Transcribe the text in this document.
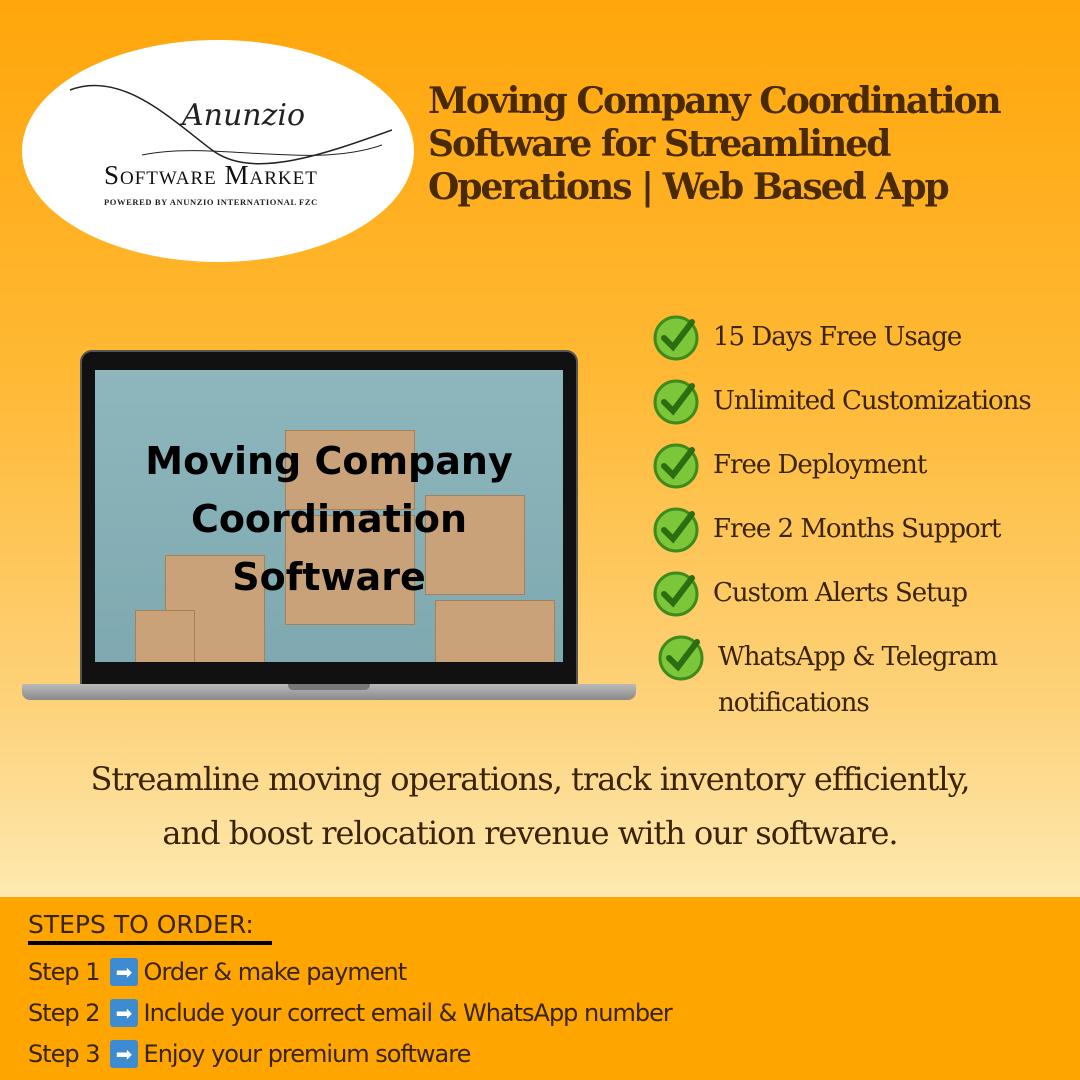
Anunzio
Software Market
POWERED BY ANUNZIO INTERNATIONAL FZC
Moving Company Coordination Software for Streamlined Operations | Web Based App
Moving Company
Coordination
Software
15 Days Free Usage
Unlimited Customizations
Free Deployment
Free 2 Months Support
Custom Alerts Setup
WhatsApp & Telegram notifications
Streamline moving operations, track inventory efficiently, and boost relocation revenue with our software.
STEPS TO ORDER:
Step 1 ➡ Order & make payment
Step 2 ➡ Include your correct email & WhatsApp number
Step 3 ➡ Enjoy your premium software
